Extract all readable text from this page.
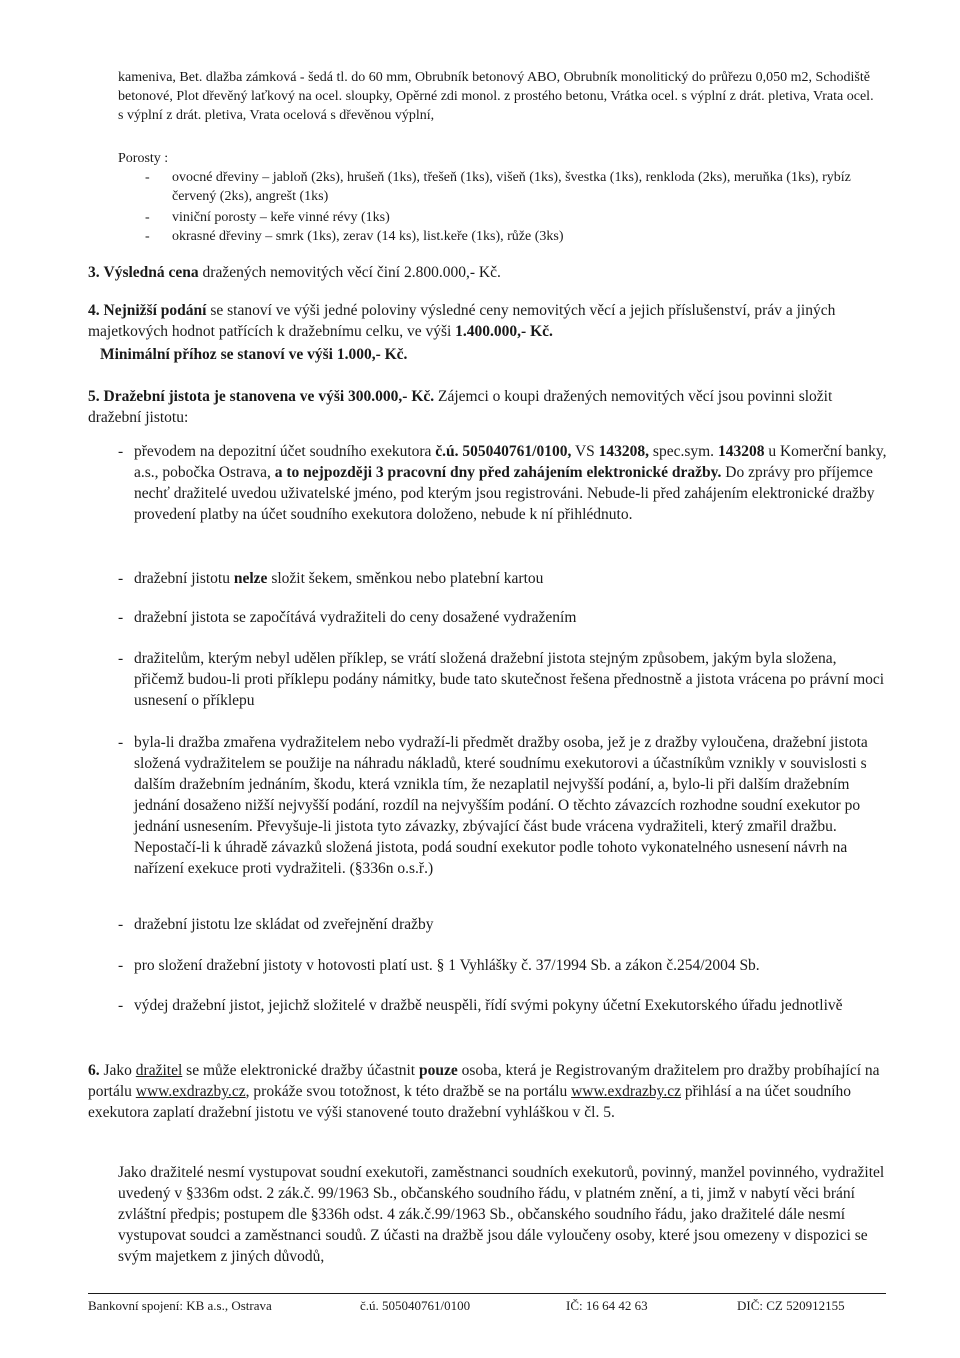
kameniva, Bet. dlažba zámková - šedá tl. do 60 mm, Obrubník betonový ABO, Obrubník monolitický do průřezu 0,050 m2, Schodiště betonové, Plot dřevěný laťkový na ocel. sloupky, Opěrné zdi monol. z prostého betonu, Vrátka ocel. s výplní z drát. pletiva, Vrata ocel. s výplní z drát. pletiva, Vrata ocelová s dřevěnou výplní,

Porosty :

-	ovocné dřeviny – jabloň (2ks), hrušeň (1ks), třešeň (1ks), višeň (1ks), švestka (1ks), renkloda (2ks), meruňka (1ks), rybíz červený (2ks), angrešt (1ks)
-	viniční porosty – keře vinné révy (1ks)
-	okrasné dřeviny – smrk (1ks), zerav (14 ks), list.keře (1ks), růže (3ks)

3. Výsledná cena dražených nemovitých věcí činí 2.800.000,- Kč.

4. Nejnižší podání se stanoví ve výši jedné poloviny výsledné ceny nemovitých věcí a jejich příslušenství, práv a jiných majetkových hodnot patřících k dražebnímu celku, ve výši 1.400.000,- Kč.

Minimální příhoz se stanoví ve výši 1.000,- Kč.

5. Dražební jistota je stanovena ve výši 300.000,- Kč. Zájemci o koupi dražených nemovitých věcí jsou povinni složit dražební jistotu:

- převodem na depozitní účet soudního exekutora č.ú. 505040761/0100, VS 143208, spec.sym. 143208 u Komerční banky, a.s., pobočka Ostrava, a to nejpozději 3 pracovní dny před zahájením elektronické dražby. Do zprávy pro příjemce nechť dražitelé uvedou uživatelské jméno, pod kterým jsou registrováni. Nebude-li před zahájením elektronické dražby provedení platby na účet soudního exekutora doloženo, nebude k ní přihlédnuto.
- dražební jistotu nelze složit šekem, směnkou nebo platební kartou
- dražební jistota se započítává vydražiteli do ceny dosažené vydražením
- dražitelům, kterým nebyl udělen příklep, se vrátí složená dražební jistota stejným způsobem, jakým byla složena, přičemž budou-li proti příklepu podány námitky, bude tato skutečnost řešena přednostně a jistota vrácena po právní moci usnesení o příklepu
- byla-li dražba zmařena vydražitelem nebo vydraží-li předmět dražby osoba, jež je z dražby vyloučena, dražební jistota složená vydražitelem se použije na náhradu nákladů, které soudnímu exekutorovi a účastníkům vznikly v souvislosti s dalším dražebním jednáním, škodu, která vznikla tím, že nezaplatil nejvyšší podání, a, bylo-li při dalším dražebním jednání dosaženo nižší nejvyšší podání, rozdíl na nejvyšším podání. O těchto závazcích rozhodne soudní exekutor po jednání usnesením. Převyšuje-li jistota tyto závazky, zbývající část bude vrácena vydražiteli, který zmařil dražbu. Nepostačí-li k úhradě závazků složená jistota, podá soudní exekutor podle tohoto vykonatelného usnesení návrh na nařízení exekuce proti vydražiteli. (§336n o.s.ř.)
- dražební jistotu lze skládat od zveřejnění dražby
- pro složení dražební jistoty v hotovosti platí ust. § 1 Vyhlášky č. 37/1994 Sb. a zákon č.254/2004 Sb.
- výdej dražební jistot, jejichž složitelé v dražbě neuspěli, řídí svými pokyny účetní Exekutorského úřadu jednotlivě
6. Jako dražitel se může elektronické dražby účastnit pouze osoba, která je Registrovaným dražitelem pro dražby probíhající na portálu www.exdrazby.cz, prokáže svou totožnost, k této dražbě se na portálu www.exdrazby.cz přihlásí a na účet soudního exekutora zaplatí dražební jistotu ve výši stanovené touto dražební vyhláškou v čl. 5.

Jako dražitelé nesmí vystupovat soudní exekutoři, zaměstnanci soudních exekutorů, povinný, manžel povinného, vydražitel uvedený v §336m odst. 2 zák.č. 99/1963 Sb., občanského soudního řádu, v platném znění, a ti, jimž v nabytí věci brání zvláštní předpis; postupem dle §336h odst. 4 zák.č.99/1963 Sb., občanského soudního řádu, jako dražitelé dále nesmí vystupovat soudci a zaměstnanci soudů. Z účasti na dražbě jsou dále vyloučeny osoby, které jsou omezeny v dispozici se svým majetkem z jiných důvodů,

Bankovní spojení: KB a.s., Ostrava	č.ú. 505040761/0100	IČ: 16 64 42 63	DIČ: CZ 520912155
